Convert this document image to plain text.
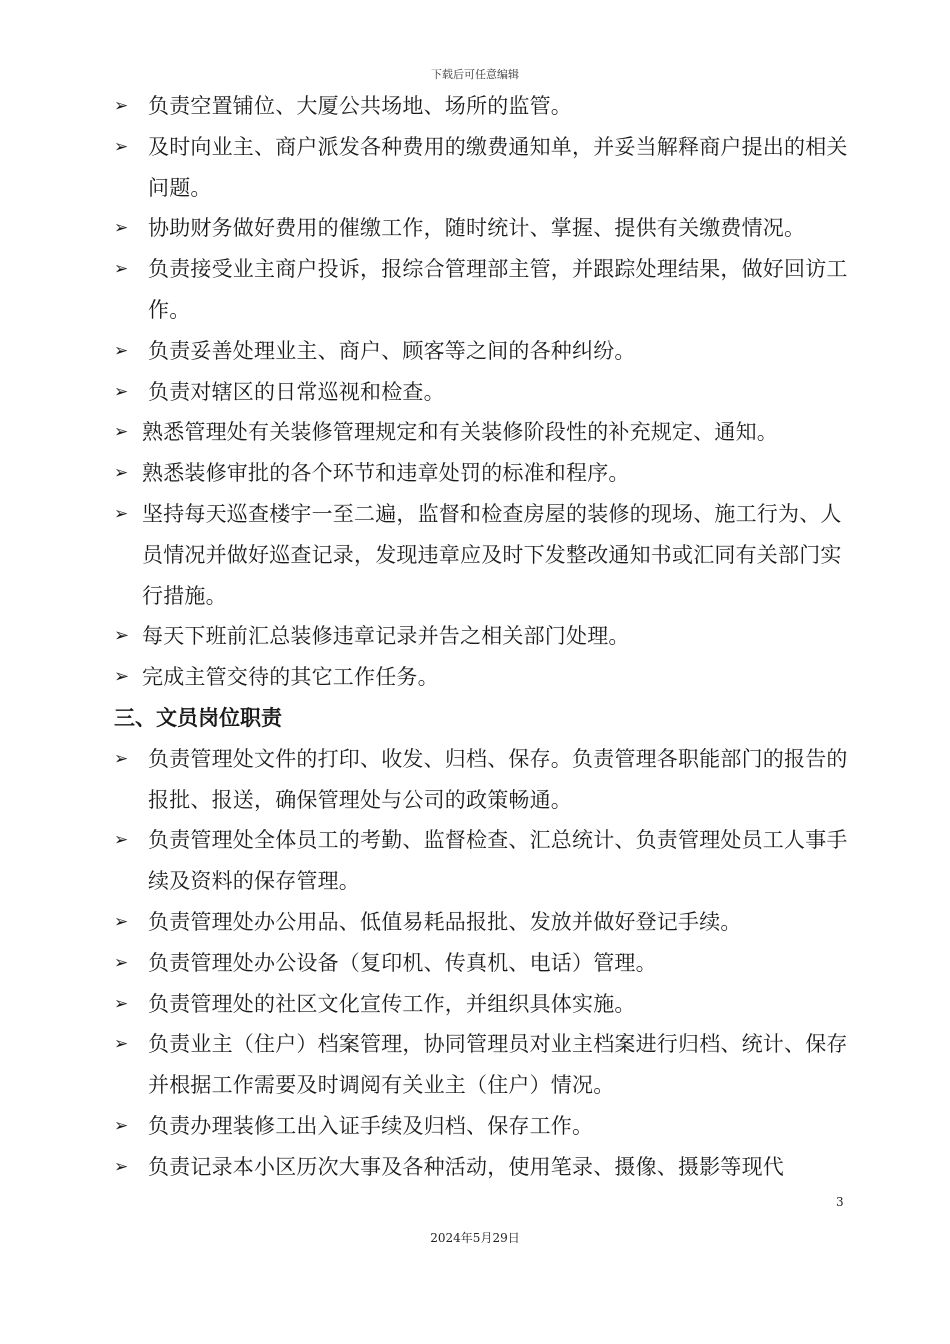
下载后可任意编辑
➢ 负责空置铺位、大厦公共场地、场所的监管。
➢ 及时向业主、商户派发各种费用的缴费通知单，并妥当解释商户提出的相关问题。
➢ 协助财务做好费用的催缴工作，随时统计、掌握、提供有关缴费情况。
➢ 负责接受业主商户投诉，报综合管理部主管，并跟踪处理结果，做好回访工作。
➢ 负责妥善处理业主、商户、顾客等之间的各种纠纷。
➢ 负责对辖区的日常巡视和检查。
➢ 熟悉管理处有关装修管理规定和有关装修阶段性的补充规定、通知。
➢ 熟悉装修审批的各个环节和违章处罚的标准和程序。
➢ 坚持每天巡查楼宇一至二遍，监督和检查房屋的装修的现场、施工行为、人员情况并做好巡查记录，发现违章应及时下发整改通知书或汇同有关部门实行措施。
➢ 每天下班前汇总装修违章记录并告之相关部门处理。
➢ 完成主管交待的其它工作任务。
三、文员岗位职责
➢ 负责管理处文件的打印、收发、归档、保存。负责管理各职能部门的报告的报批、报送，确保管理处与公司的政策畅通。
➢ 负责管理处全体员工的考勤、监督检查、汇总统计、负责管理处员工人事手续及资料的保存管理。
➢ 负责管理处办公用品、低值易耗品报批、发放并做好登记手续。
➢ 负责管理处办公设备（复印机、传真机、电话）管理。
➢ 负责管理处的社区文化宣传工作，并组织具体实施。
➢ 负责业主（住户）档案管理，协同管理员对业主档案进行归档、统计、保存并根据工作需要及时调阅有关业主（住户）情况。
➢ 负责办理装修工出入证手续及归档、保存工作。
➢ 负责记录本小区历次大事及各种活动，使用笔录、摄像、摄影等现代
3
2024年5月29日
